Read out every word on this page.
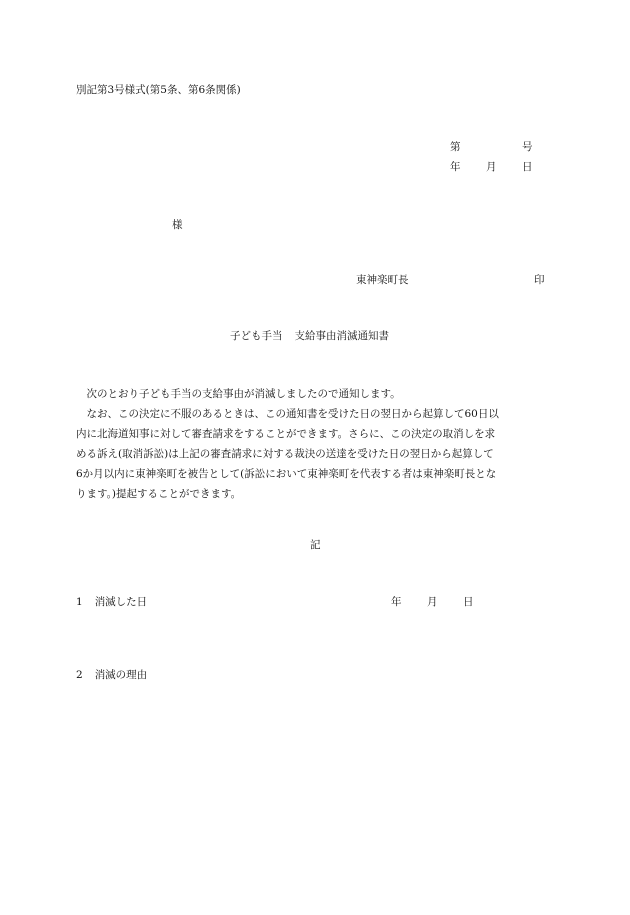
別記第3号様式(第5条、第6条関係)
第	号
年 月 日
様
東神楽町長	印
子ども手当 支給事由消滅通知書

次のとおり子ども手当の支給事由が消滅しましたので通知します。

なお、この決定に不服のあるときは、この通知書を受けた日の翌日から起算して60日以
内に北海道知事に対して審査請求をすることができます。さらに、この決定の取消しを求
める訴え(取消訴訟)は上記の審査請求に対する裁決の送達を受けた日の翌日から起算して
6か月以内に東神楽町を被告として(訴訟において東神楽町を代表する者は東神楽町長とな
ります。)提起することができます。

記
1 消滅した日	年 月 日
2 消滅の理由
